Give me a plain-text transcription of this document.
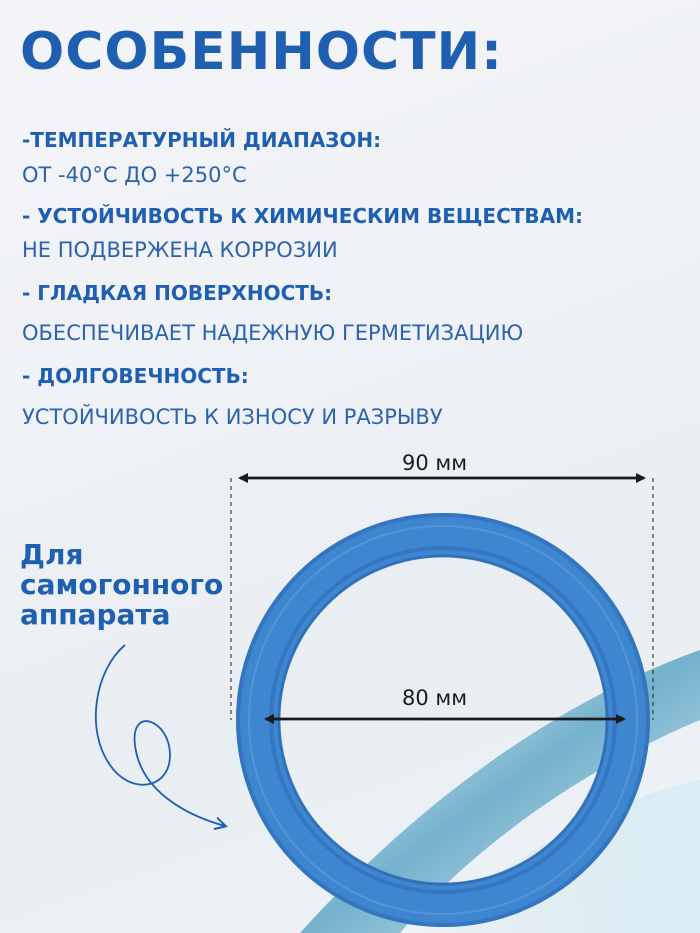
ОСОБЕННОСТИ:
-ТЕМПЕРАТУРНЫЙ ДИАПАЗОН:
ОТ -40°С ДО +250°С
- УСТОЙЧИВОСТЬ К ХИМИЧЕСКИМ ВЕЩЕСТВАМ:
НЕ ПОДВЕРЖЕНА КОРРОЗИИ
- ГЛАДКАЯ ПОВЕРХНОСТЬ:
ОБЕСПЕЧИВАЕТ НАДЕЖНУЮ ГЕРМЕТИЗАЦИЮ
- ДОЛГОВЕЧНОСТЬ:
УСТОЙЧИВОСТЬ К ИЗНОСУ И РАЗРЫВУ
Для
самогонного
аппарата
90 мм
80 мм
